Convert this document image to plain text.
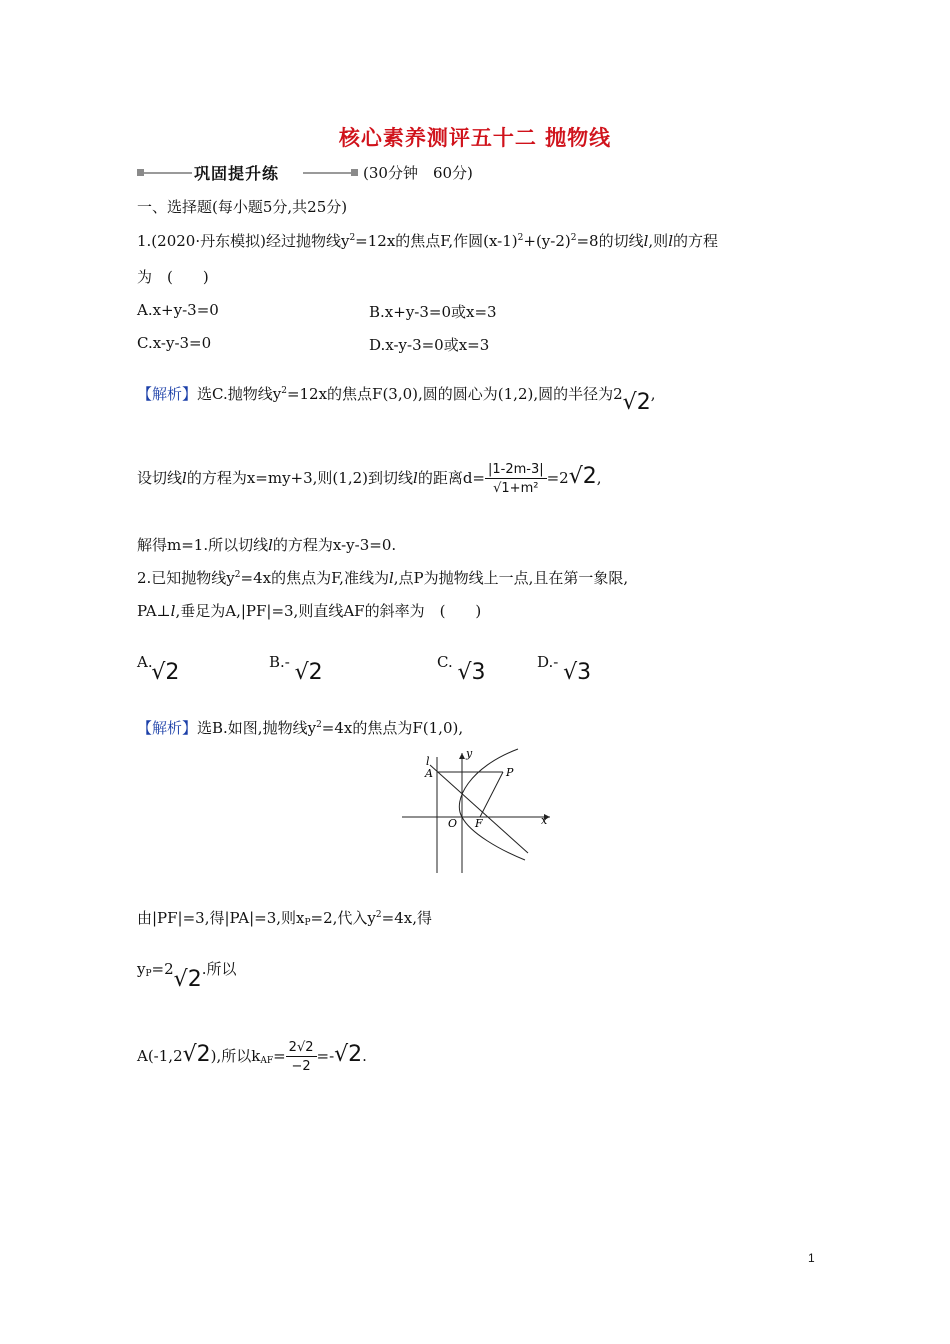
核心素养测评五十二 抛物线
巩固提升练	(30分钟　60分)
一、选择题(每小题5分,共25分)
1.(2020·丹东模拟)经过抛物线$y^2=12x$的焦点F,作圆$(x-1)^2+(y-2)^2=8$的切线l,则l的方程
为　(　　)
A.x+y-3=0	B.x+y-3=0或x=3
C.x-y-3=0	D.x-y-3=0或x=3
【解析】选C.抛物线$y^2=12x$的焦点F(3,0),圆的圆心为(1,2),圆的半径为2√2,
设切线l的方程为x=my+3,则(1,2)到切线l的距离$d= \frac{|1-2m-3|}{\text{√1+m²}} =2√2$,
解得m=1.所以切线l的方程为x-y-3=0.
2.已知抛物线$y^2=4x$的焦点为F,准线为l,点P为抛物线上一点,且在第一象限,
PA⊥l,垂足为A,|PF|=3,则直线AF的斜率为　(　　)
A. √2	B.- √2	C. √3	D.- √3
【解析】选B.如图,抛物线$y^2=4x$的焦点为F(1,0),
l
y
x
A	P
O F
由|PF|=3,得|PA|=3,则$x_P=2$,代入$y^2=4x$,得
$y_P=2√2$.所以
A(-1,2√2),所以$k_{AF}= \frac{2√2}{-2} =-√2$.
1
